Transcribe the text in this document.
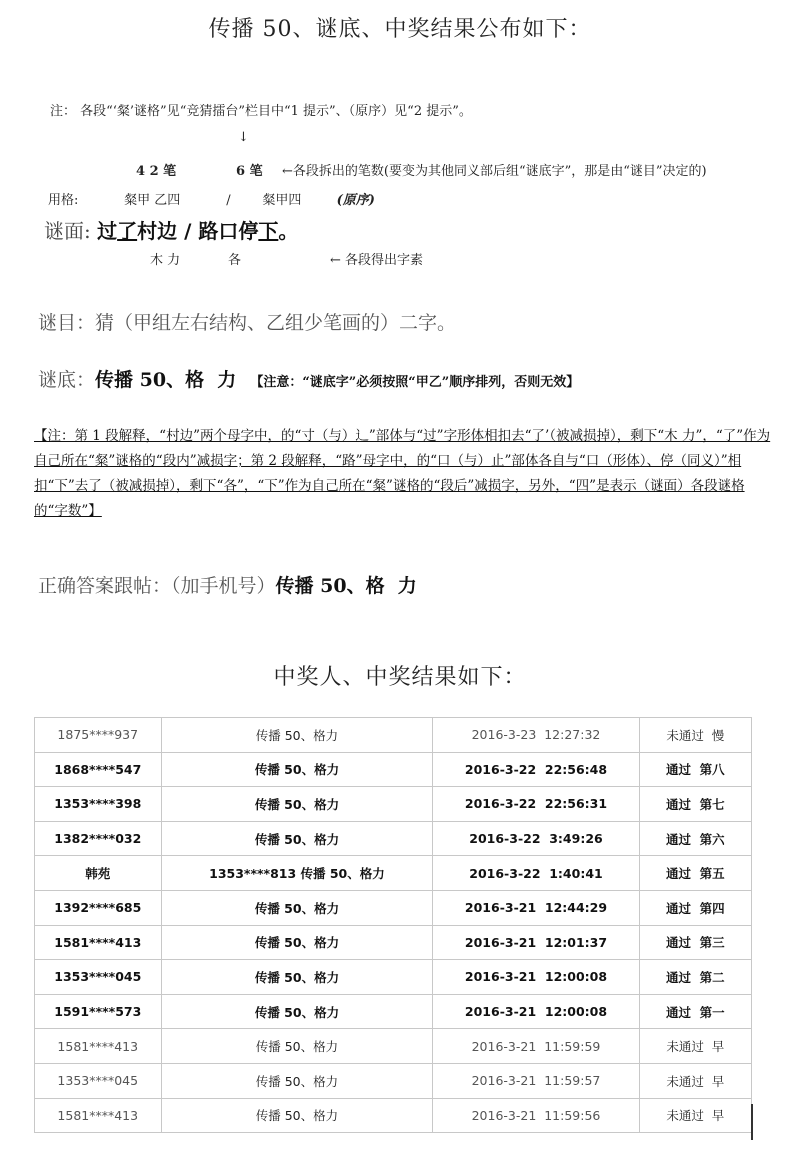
传播 50、谜底、中奖结果公布如下：
注： 各段“‘粲’谜格”见“竞猜擂台”栏目中“1 提示”、（原序）见“2 提示”。
↓
4 2 笔	6 笔 ←各段拆出的笔数(要变为其他同义部后组“谜底字”，那是由“谜目”决定的)
用格:	粲甲 乙四	/ 粲甲四	(原序)
谜面: 过了村边 / 路口停下。
木 力	各	← 各段得出字素
谜目：猜（甲组左右结构、乙组少笔画的）二字。
谜底：传播 50、格  力 【注意：“谜底字”必须按照“甲乙”顺序排列，否则无效】
【注：第 1 段解释，“村边”两个母字中，的“寸（与）辶”部体与“过”字形体相扣去“了’（被减损掉），剩下“木 力”，“了”作为自己所在“粲”谜格的“段内”减损字；第 2 段解释，“路”母字中，的“口（与）止”部体各自与“口（形体）、停（同义）”相扣“下”去了（被减损掉），剩下“各”，“下”作为自己所在“粲”谜格的“段后”减损字，另外，“四”是表示（谜面）各段谜格的“字数”】
正确答案跟帖：（加手机号）传播 50、格  力
中奖人、中奖结果如下：
1875****937	传播 50、格力	2016-3-23  12:27:32	未通过  慢
1868****547	传播 50、格力	2016-3-22  22:56:48	通过  第八
1353****398	传播 50、格力	2016-3-22  22:56:31	通过  第七
1382****032	传播 50、格力	2016-3-22  3:49:26	通过  第六
韩苑	1353****813 传播 50、格力	2016-3-22  1:40:41	通过  第五
1392****685	传播 50、格力	2016-3-21  12:44:29	通过  第四
1581****413	传播 50、格力	2016-3-21  12:01:37	通过  第三
1353****045	传播 50、格力	2016-3-21  12:00:08	通过  第二
1591****573	传播 50、格力	2016-3-21  12:00:08	通过  第一
1581****413	传播 50、格力	2016-3-21  11:59:59	未通过  早
1353****045	传播 50、格力	2016-3-21  11:59:57	未通过  早
1581****413	传播 50、格力	2016-3-21  11:59:56	未通过  早
